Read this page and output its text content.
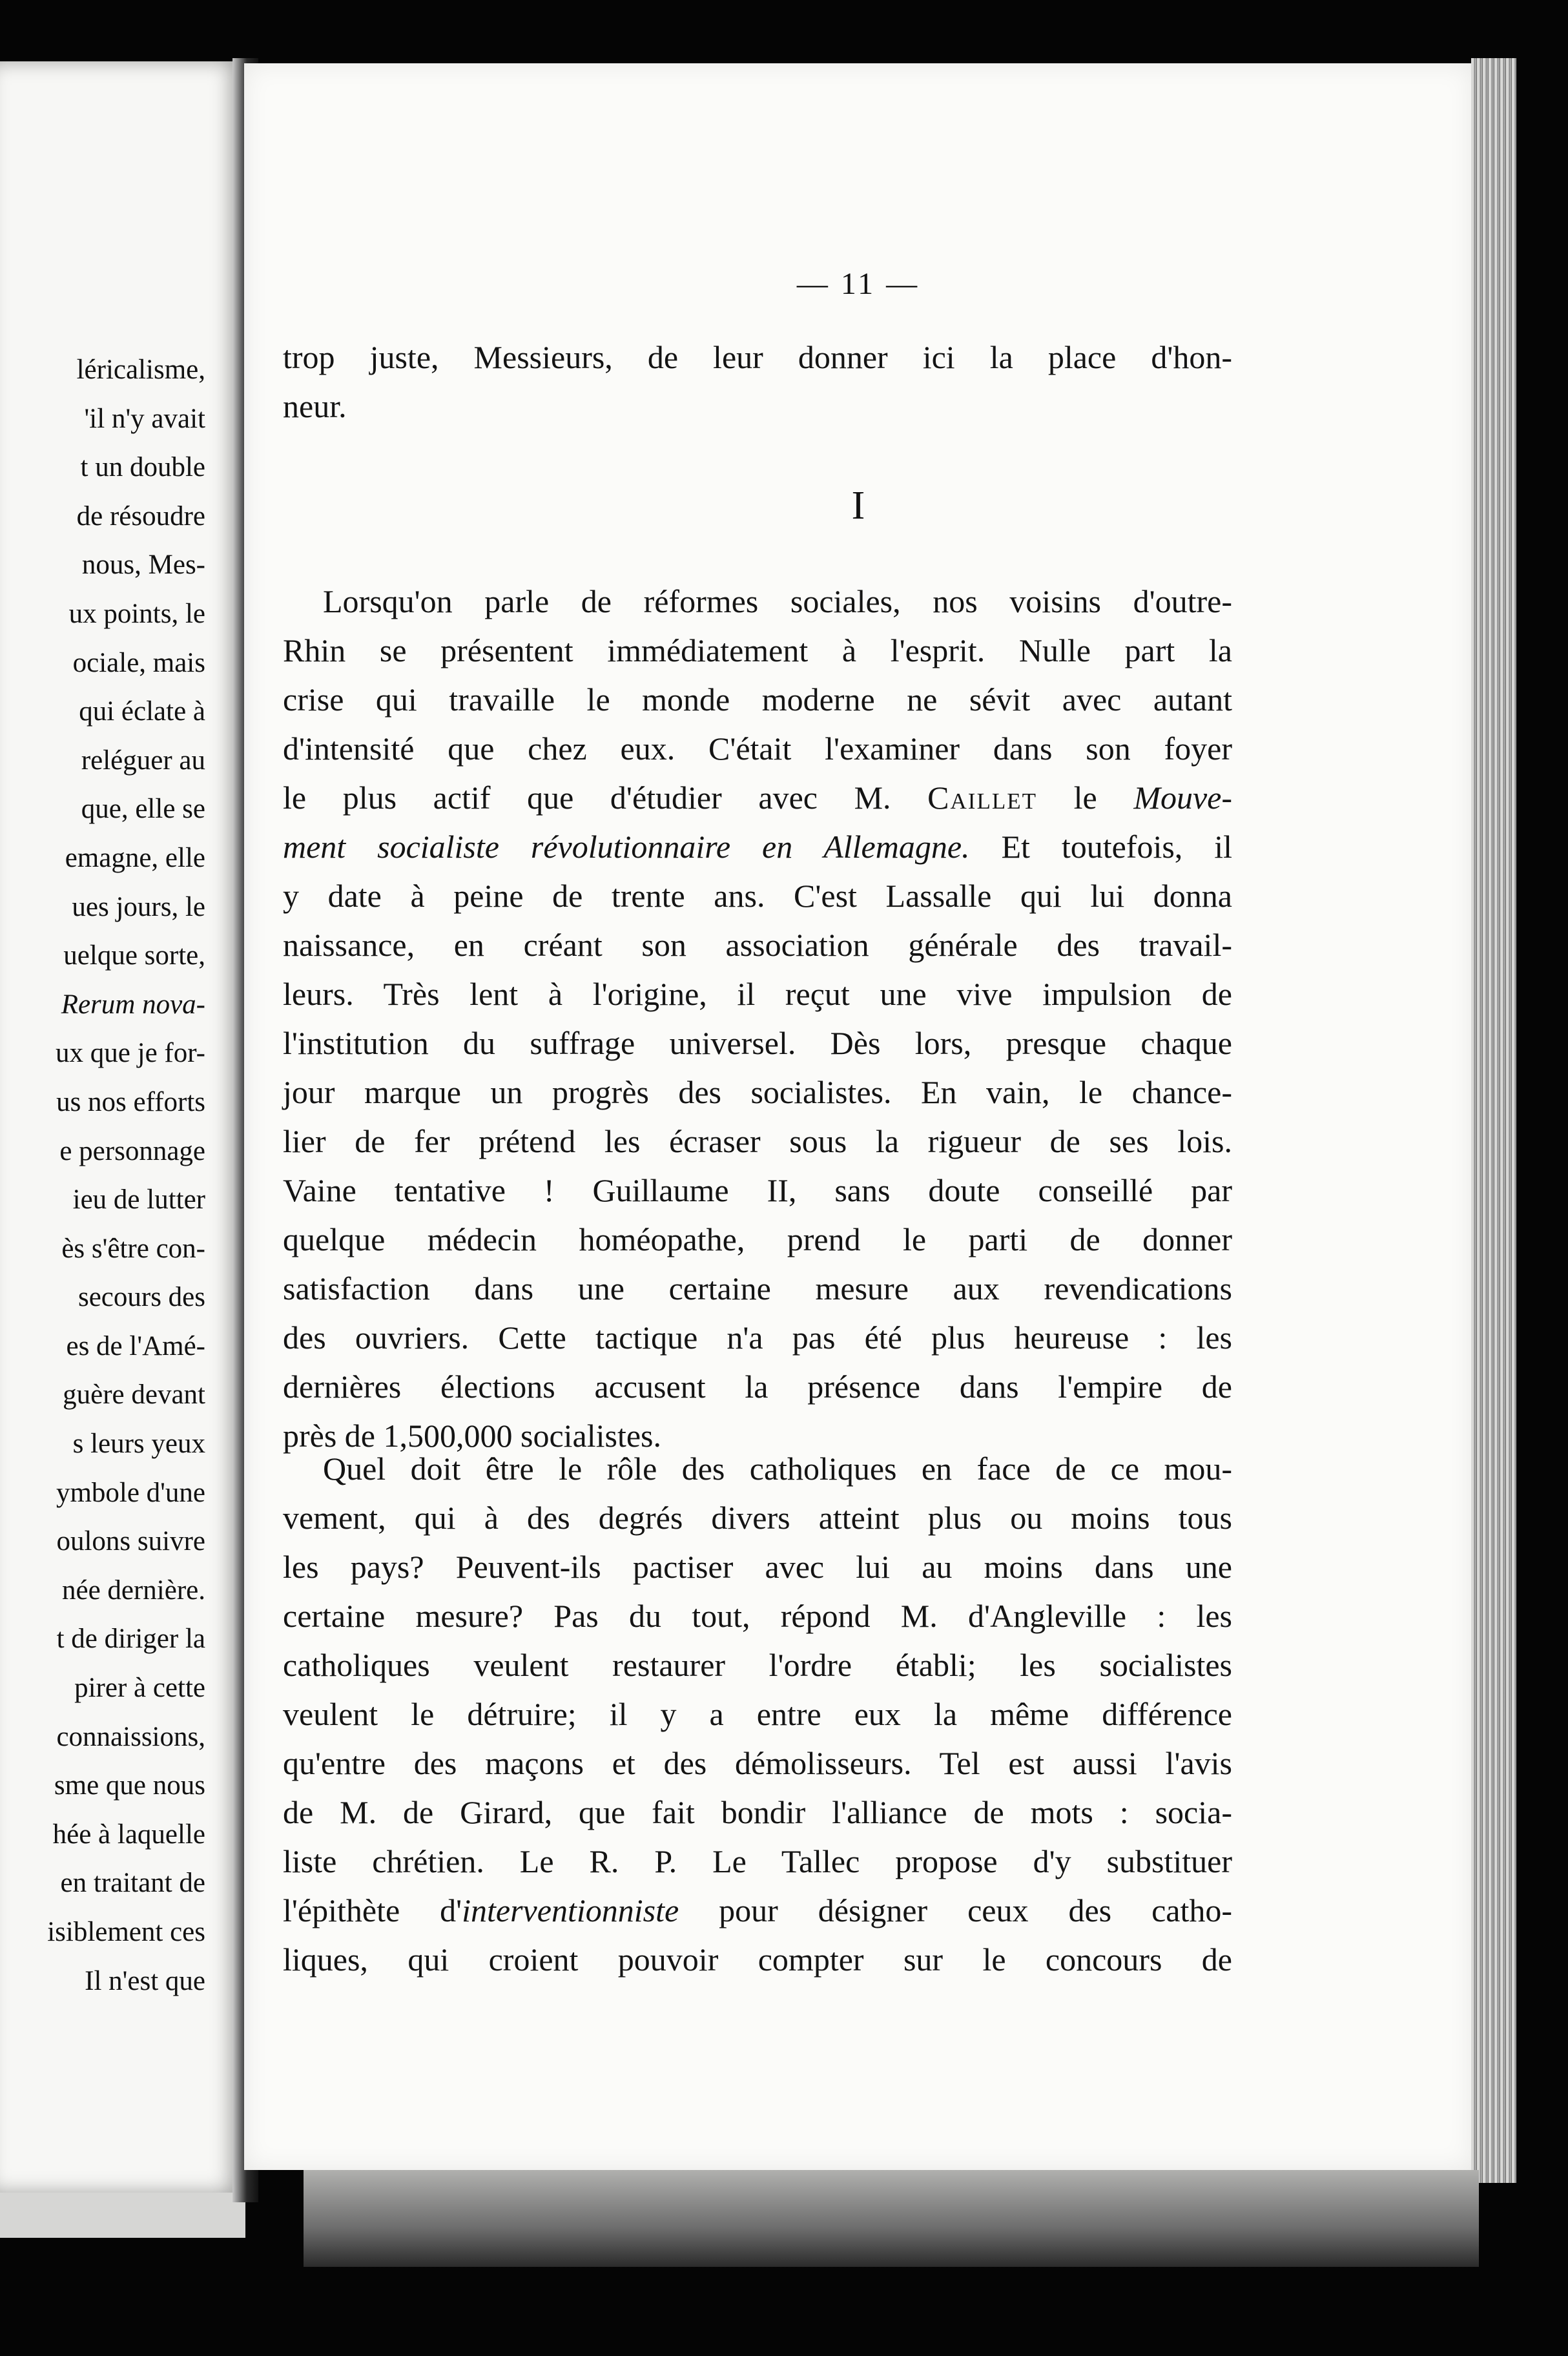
léricalisme,
'il n'y avait
t un double
de résoudre
nous, Mes-
ux points, le
ociale, mais
qui éclate à
reléguer au
que, elle se
emagne, elle
ues jours, le
uelque sorte,
Rerum nova-
ux que je for-
us nos efforts
e personnage
ieu de lutter
ès s'être con-
secours des
es de l'Amé-
guère devant
s leurs yeux
ymbole d'une
oulons suivre
née dernière.
t de diriger la
pirer à cette
connaissions,
sme que nous
hée à laquelle
en traitant de
isiblement ces
Il n'est que
— 11 —
trop juste, Messieurs, de leur donner ici la place d'hon-
neur.
I
Lorsqu'on parle de réformes sociales, nos voisins d'outre-
Rhin se présentent immédiatement à l'esprit. Nulle part la
crise qui travaille le monde moderne ne sévit avec autant
d'intensité que chez eux. C'était l'examiner dans son foyer
le plus actif que d'étudier avec M. Caillet le Mouve-
ment socialiste révolutionnaire en Allemagne. Et toutefois, il
y date à peine de trente ans. C'est Lassalle qui lui donna
naissance, en créant son association générale des travail-
leurs. Très lent à l'origine, il reçut une vive impulsion de
l'institution du suffrage universel. Dès lors, presque chaque
jour marque un progrès des socialistes. En vain, le chance-
lier de fer prétend les écraser sous la rigueur de ses lois.
Vaine tentative ! Guillaume II, sans doute conseillé par
quelque médecin homéopathe, prend le parti de donner
satisfaction dans une certaine mesure aux revendications
des ouvriers. Cette tactique n'a pas été plus heureuse : les
dernières élections accusent la présence dans l'empire de
près de 1,500,000 socialistes.
Quel doit être le rôle des catholiques en face de ce mou-
vement, qui à des degrés divers atteint plus ou moins tous
les pays? Peuvent-ils pactiser avec lui au moins dans une
certaine mesure? Pas du tout, répond M. d'Angleville : les
catholiques veulent restaurer l'ordre établi; les socialistes
veulent le détruire; il y a entre eux la même différence
qu'entre des maçons et des démolisseurs. Tel est aussi l'avis
de M. de Girard, que fait bondir l'alliance de mots : socia-
liste chrétien. Le R. P. Le Tallec propose d'y substituer
l'épithète d'interventionniste pour désigner ceux des catho-
liques, qui croient pouvoir compter sur le concours de
